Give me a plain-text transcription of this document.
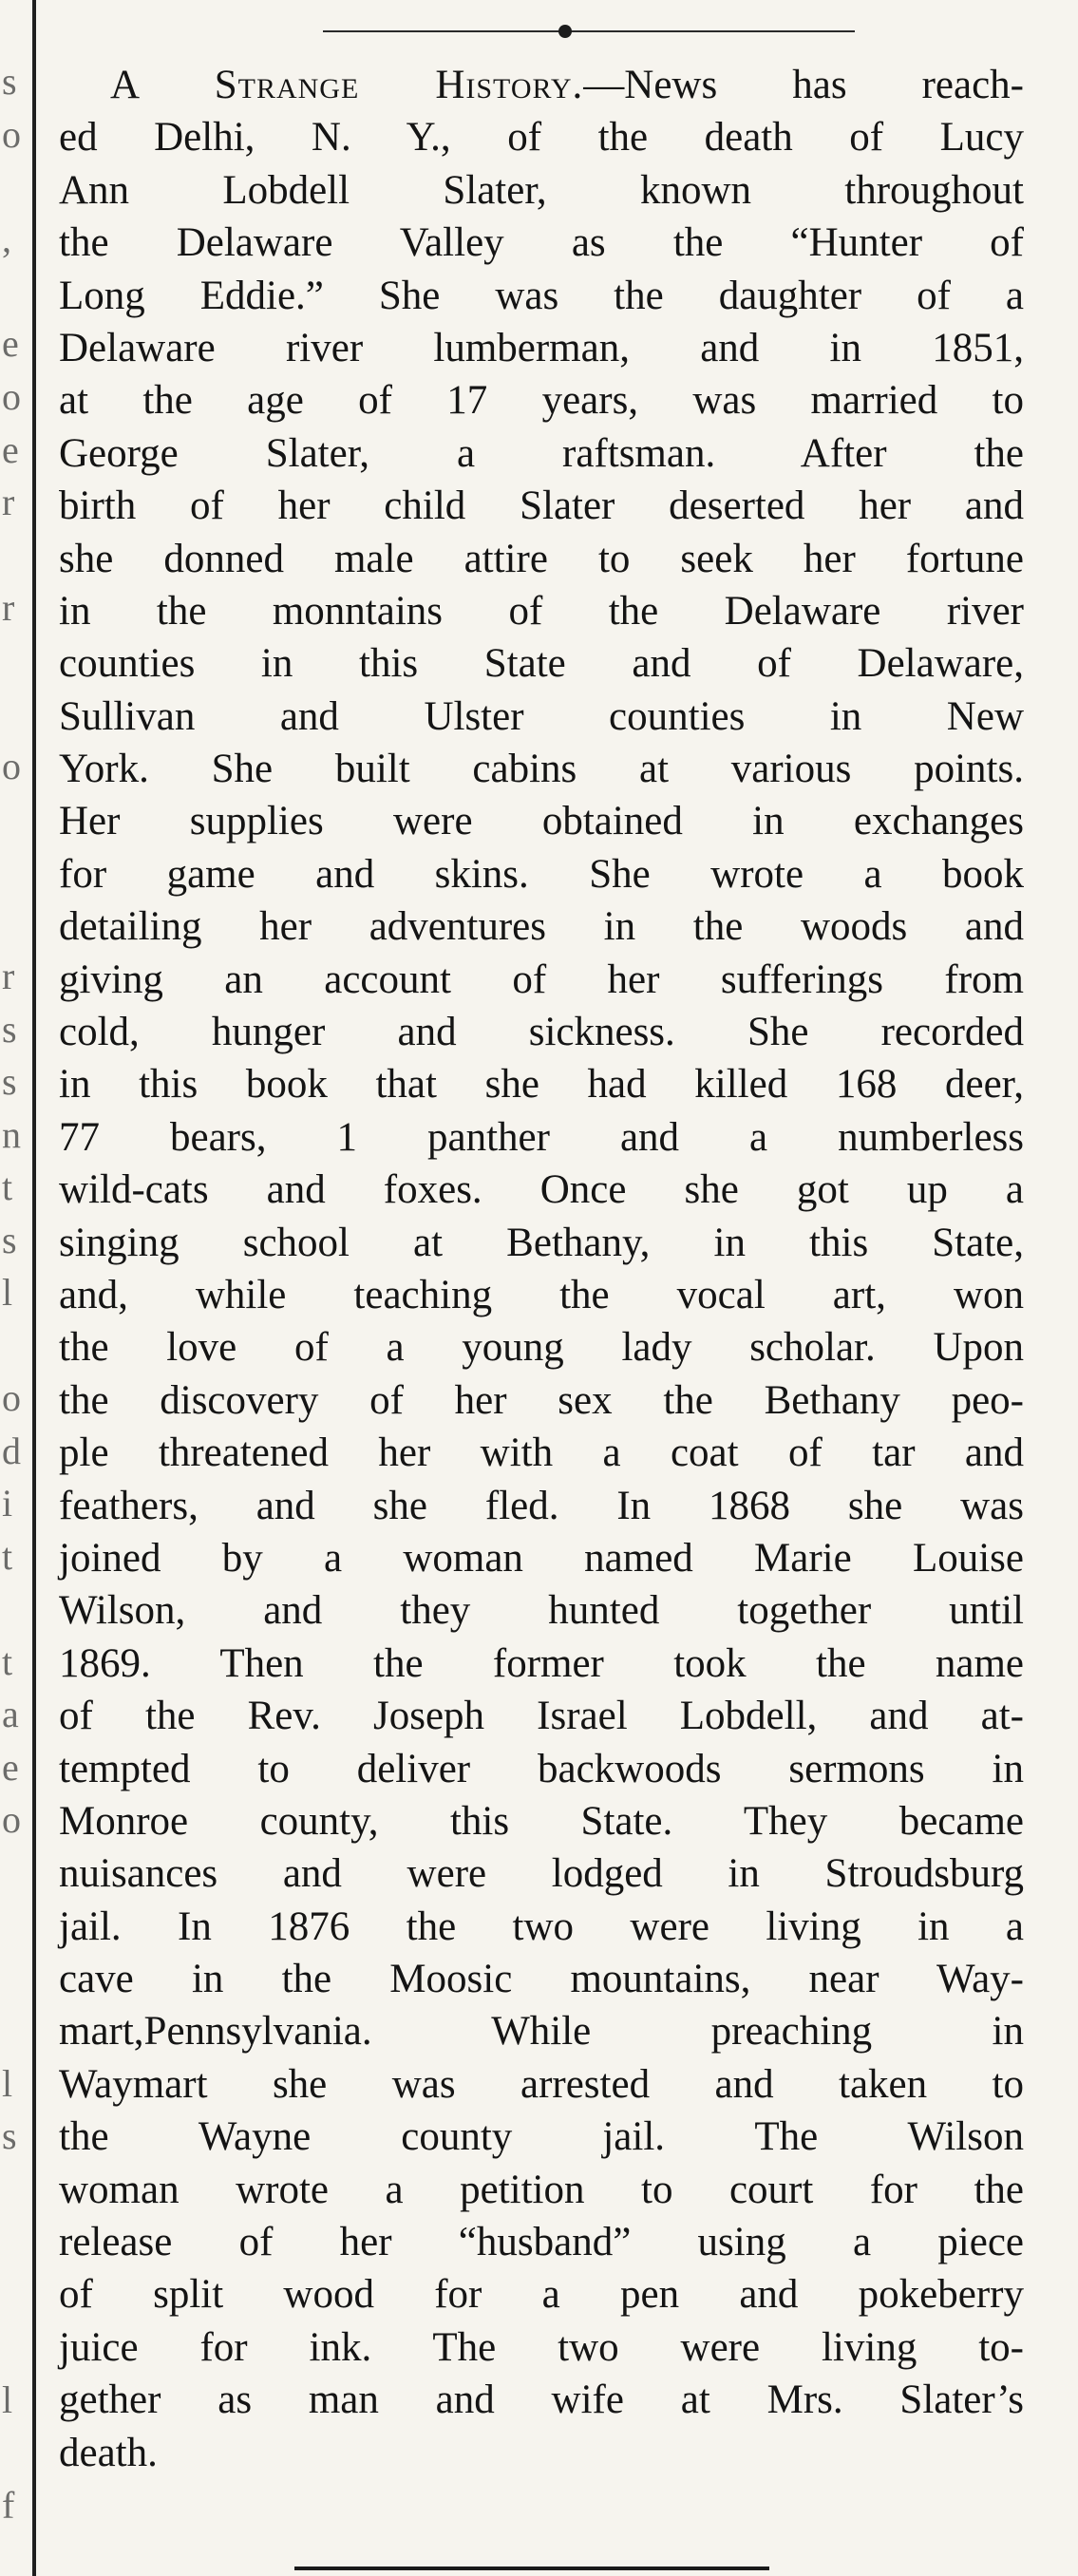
s
o
,
e
o
e
r
r
o
r
s
s
n
t
s
l
o
d
i
t
t
a
e
o
l
s
l
f
A Strange History.—News has reach-
ed Delhi, N. Y., of the death of Lucy
Ann Lobdell Slater, known throughout
the Delaware Valley as the “Hunter of
Long Eddie.” She was the daughter of a
Delaware river lumberman, and in 1851,
at the age of 17 years, was married to
George Slater, a raftsman. After the
birth of her child Slater deserted her and
she donned male attire to seek her fortune
in the monntains of the Delaware river
counties in this State and of Delaware,
Sullivan and Ulster counties in New
York. She built cabins at various points.
Her supplies were obtained in exchanges
for game and skins. She wrote a book
detailing her adventures in the woods and
giving an account of her sufferings from
cold, hunger and sickness. She recorded
in this book that she had killed 168 deer,
77 bears, 1 panther and a numberless
wild-cats and foxes. Once she got up a
singing school at Bethany, in this State,
and, while teaching the vocal art, won
the love of a young lady scholar. Upon
the discovery of her sex the Bethany peo-
ple threatened her with a coat of tar and
feathers, and she fled. In 1868 she was
joined by a woman named Marie Louise
Wilson, and they hunted together until
1869. Then the former took the name
of the Rev. Joseph Israel Lobdell, and at-
tempted to deliver backwoods sermons in
Monroe county, this State. They became
nuisances and were lodged in Stroudsburg
jail. In 1876 the two were living in a
cave in the Moosic mountains, near Way-
mart,Pennsylvania. While preaching in
Waymart she was arrested and taken to
the Wayne county jail. The Wilson
woman wrote a petition to court for the
release of her “husband” using a piece
of split wood for a pen and pokeberry
juice for ink. The two were living to-
gether as man and wife at Mrs. Slater’s
death.
